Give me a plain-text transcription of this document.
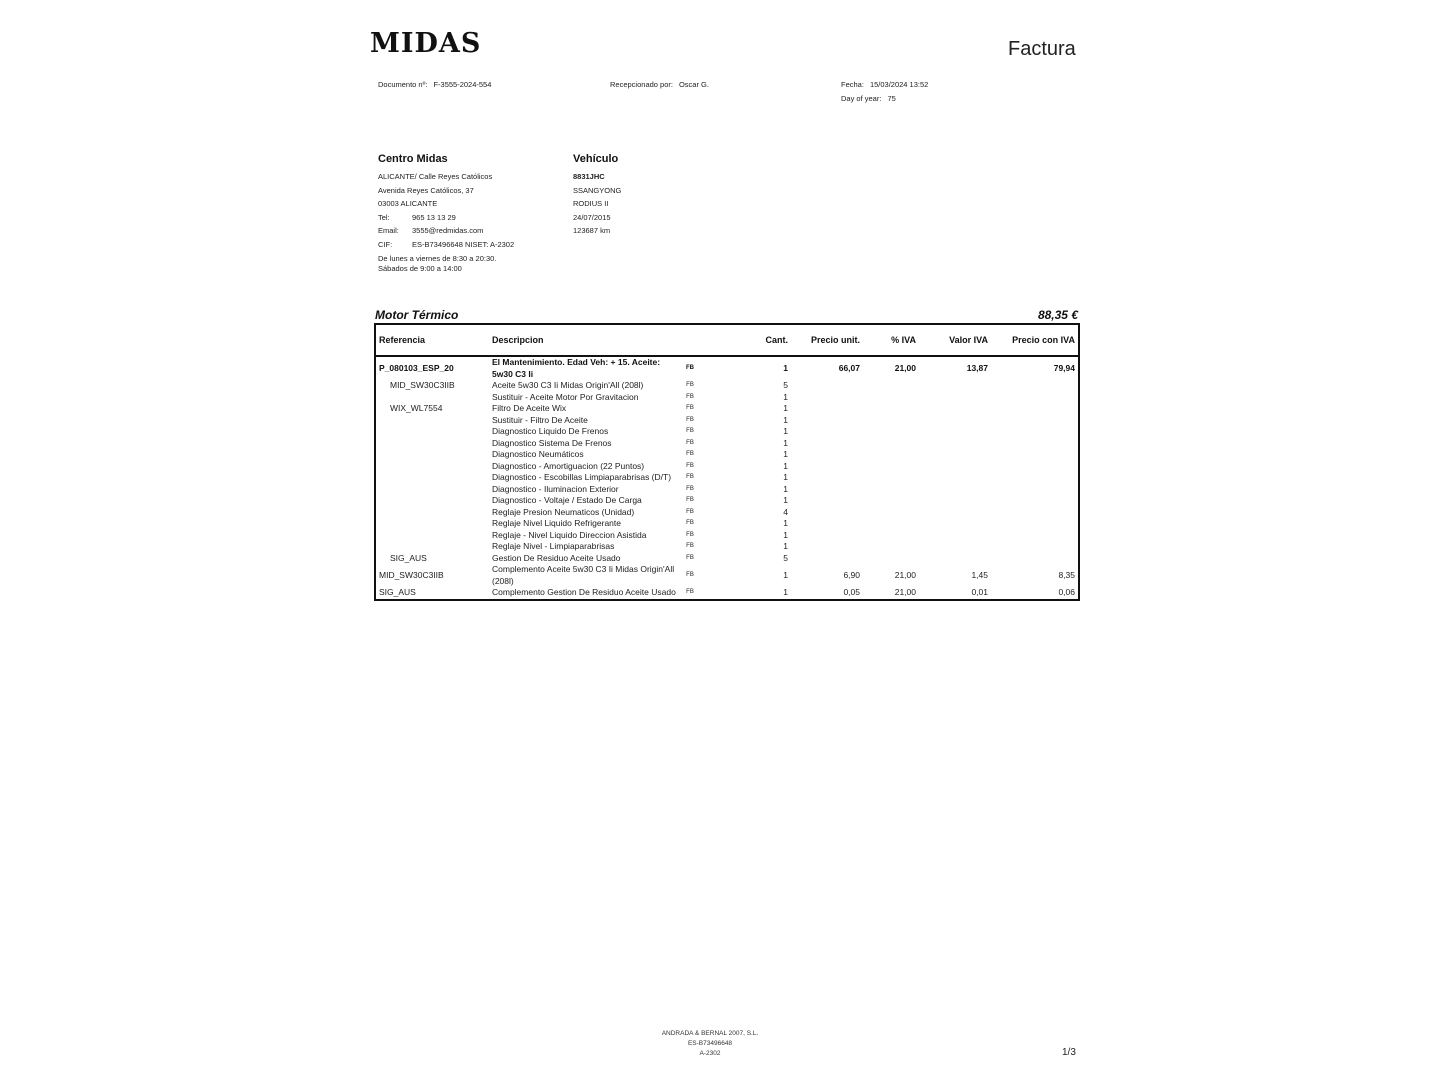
MIDAS	Factura
Documento nº: F-3555-2024-554	Recepcionado por: Oscar G.	Fecha: 15/03/2024 13:52
Day of year: 75
Centro Midas
ALICANTE/ Calle Reyes Católicos
Avenida Reyes Católicos, 37
03003 ALICANTE
Tel:	965 13 13 29
Email: 3555@redmidas.com
CIF:	ES-B73496648 NISET: A-2302
De lunes a viernes de 8:30 a 20:30.
Sábados de 9:00 a 14:00
Vehículo
8831JHC
SSANGYONG
RODIUS II
24/07/2015
123687 km
Motor Térmico	88,35 €
Referencia	Descripcion		Cant.	Precio unit.	% IVA	Valor IVA	Precio con IVA
P_080103_ESP_20	El Mantenimiento. Edad Veh: + 15. Aceite: 5w30 C3 Ii	FB	1	66,07	21,00	13,87	79,94
MID_SW30C3IIB	Aceite 5w30 C3 Ii Midas Origin'All (208l)	FB	5				
	Sustituir - Aceite Motor Por Gravitacion	FB	1				
WIX_WL7554	Filtro De Aceite Wix	FB	1				
	Sustituir - Filtro De Aceite	FB	1				
	Diagnostico Liquido De Frenos	FB	1				
	Diagnostico Sistema De Frenos	FB	1				
	Diagnostico Neumáticos	FB	1				
	Diagnostico - Amortiguacion (22 Puntos)	FB	1				
	Diagnostico - Escobillas Limpiaparabrisas (D/T)	FB	1				
	Diagnostico - Iluminacion Exterior	FB	1				
	Diagnostico - Voltaje / Estado De Carga	FB	1				
	Reglaje Presion Neumaticos (Unidad)	FB	4				
	Reglaje Nivel Liquido Refrigerante	FB	1				
	Reglaje - Nivel Liquido Direccion Asistida	FB	1				
	Reglaje Nivel - Limpiaparabrisas	FB	1				
SIG_AUS	Gestion De Residuo Aceite Usado	FB	5				
MID_SW30C3IIB	Complemento Aceite 5w30 C3 Ii Midas Origin'All (208l)	FB	1	6,90	21,00	1,45	8,35
SIG_AUS	Complemento Gestion De Residuo Aceite Usado	FB	1	0,05	21,00	0,01	0,06
ANDRADA & BERNAL 2007, S.L.
ES-B73496648
A-2302	1/3
